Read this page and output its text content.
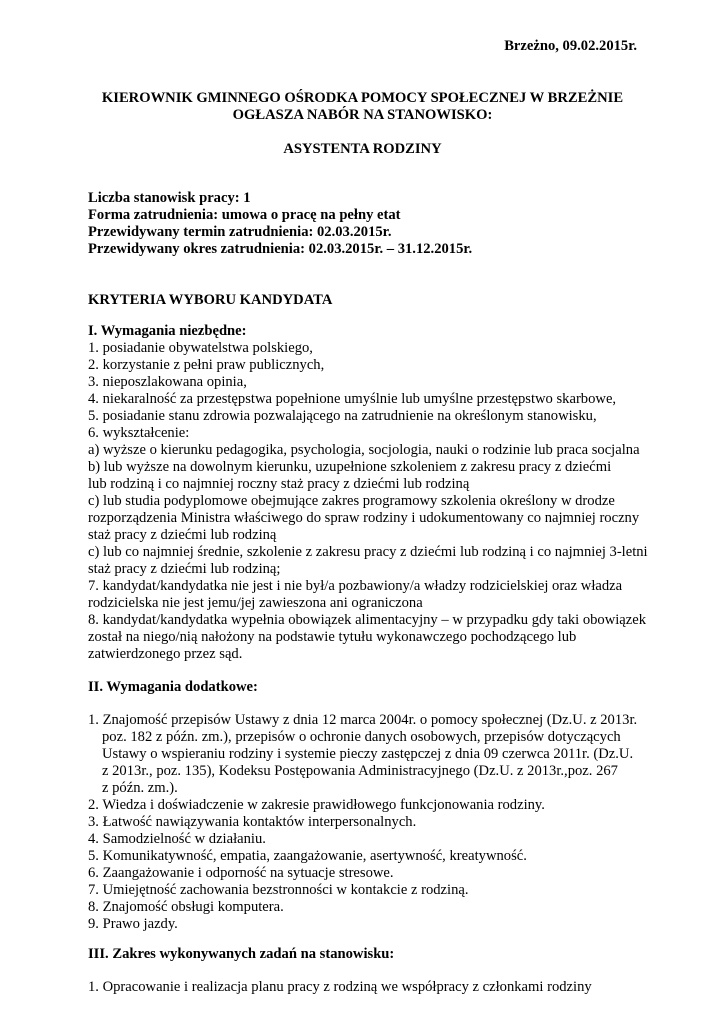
Brzeżno, 09.02.2015r.
KIEROWNIK GMINNEGO OŚRODKA POMOCY SPOŁECZNEJ W BRZEŻNIE
OGŁASZA NABÓR NA STANOWISKO:
ASYSTENTA RODZINY
Liczba stanowisk pracy: 1
Forma zatrudnienia: umowa o pracę na pełny etat
Przewidywany termin zatrudnienia: 02.03.2015r.
Przewidywany okres zatrudnienia: 02.03.2015r. – 31.12.2015r.
KRYTERIA WYBORU KANDYDATA
I. Wymagania niezbędne:
1. posiadanie obywatelstwa polskiego,
2. korzystanie z pełni praw publicznych,
3. nieposzlakowana opinia,
4. niekaralność za przestępstwa popełnione umyślnie lub umyślne przestępstwo skarbowe,
5. posiadanie stanu zdrowia pozwalającego na zatrudnienie na określonym stanowisku,
6. wykształcenie:
a) wyższe o kierunku pedagogika, psychologia, socjologia, nauki o rodzinie lub praca socjalna
b) lub wyższe na dowolnym kierunku, uzupełnione szkoleniem z zakresu pracy z dziećmi
lub rodziną i co najmniej roczny staż pracy z dziećmi lub rodziną
c) lub studia podyplomowe obejmujące zakres programowy szkolenia określony w drodze
rozporządzenia Ministra właściwego do spraw rodziny i udokumentowany co najmniej roczny
staż pracy z dziećmi lub rodziną
c) lub co najmniej średnie, szkolenie z zakresu pracy z dziećmi lub rodziną i co najmniej 3-letni
staż pracy z dziećmi lub rodziną;
7. kandydat/kandydatka nie jest i nie był/a pozbawiony/a władzy rodzicielskiej oraz władza
rodzicielska nie jest jemu/jej zawieszona ani ograniczona
8. kandydat/kandydatka wypełnia obowiązek alimentacyjny – w przypadku gdy taki obowiązek
został na niego/nią nałożony na podstawie tytułu wykonawczego pochodzącego lub
zatwierdzonego przez sąd.
II. Wymagania dodatkowe:
1. Znajomość przepisów Ustawy z dnia 12 marca 2004r. o pomocy społecznej (Dz.U. z 2013r.
poz. 182 z późn. zm.), przepisów o ochronie danych osobowych, przepisów dotyczących
Ustawy o wspieraniu rodziny i systemie pieczy zastępczej z dnia 09 czerwca 2011r. (Dz.U.
z 2013r., poz. 135), Kodeksu Postępowania Administracyjnego (Dz.U. z 2013r.,poz. 267
z późn. zm.).
2. Wiedza i doświadczenie w zakresie prawidłowego funkcjonowania rodziny.
3. Łatwość nawiązywania kontaktów interpersonalnych.
4. Samodzielność w działaniu.
5. Komunikatywność, empatia, zaangażowanie, asertywność, kreatywność.
6. Zaangażowanie i odporność na sytuacje stresowe.
7. Umiejętność zachowania bezstronności w kontakcie z rodziną.
8. Znajomość obsługi komputera.
9. Prawo jazdy.
III. Zakres wykonywanych zadań na stanowisku:
1. Opracowanie i realizacja planu pracy z rodziną we współpracy z członkami rodziny
